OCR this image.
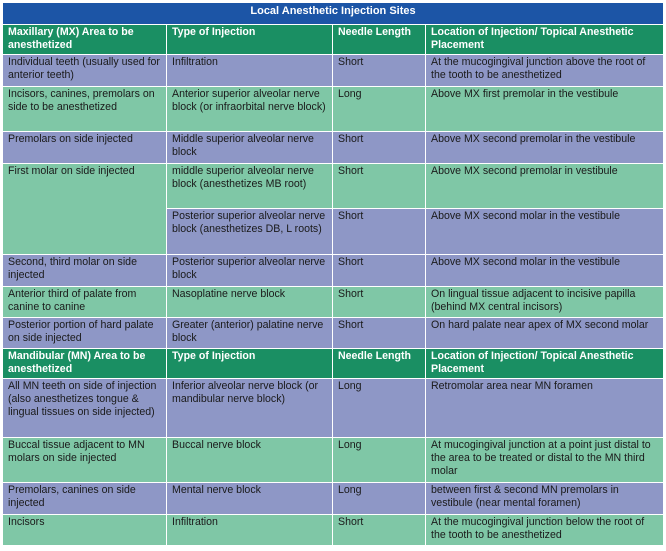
Local Anesthetic Injection Sites			
Maxillary (MX) Area to be anesthetized	Type of Injection	Needle Length	Location of Injection/ Topical Anesthetic Placement
Individual teeth (usually used for anterior teeth)	Infiltration	Short	At the mucogingival junction above the root of the tooth to be anesthetized
Incisors, canines, premolars on side to be anesthetized	Anterior superior alveolar nerve block (or infraorbital nerve block)	Long	Above MX first premolar in the vestibule
Premolars on side injected	Middle superior alveolar nerve block	Short	Above MX second premolar in the vestibule
First molar on side injected	middle superior alveolar nerve block (anesthetizes MB root)	Short	Above MX second premolar in vestibule
	Posterior superior alveolar nerve block (anesthetizes DB, L roots)	Short	Above MX second molar in the vestibule
Second, third molar on side injected	Posterior superior alveolar nerve block	Short	Above MX second molar in the vestibule
Anterior third of palate from canine to canine	Nasoplatine nerve block	Short	On lingual tissue adjacent to incisive papilla (behind MX central incisors)
Posterior portion of hard palate on side injected	Greater (anterior) palatine nerve block	Short	On hard palate near apex of MX second molar
Mandibular (MN) Area to be anesthetized	Type of Injection	Needle Length	Location of Injection/ Topical Anesthetic Placement
All MN teeth on side of injection (also anesthetizes tongue & lingual tissues on side injected)	Inferior alveolar nerve block (or mandibular nerve block)	Long	Retromolar area near MN foramen
Buccal tissue adjacent to MN molars on side injected	Buccal nerve block	Long	At mucogingival junction at a point just distal to the area to be treated or distal to the MN third molar
Premolars, canines on side injected	Mental nerve block	Long	between first & second MN premolars in vestibule (near mental foramen)
Incisors	Infiltration	Short	At the mucogingival junction below the root of the tooth to be anesthetized
